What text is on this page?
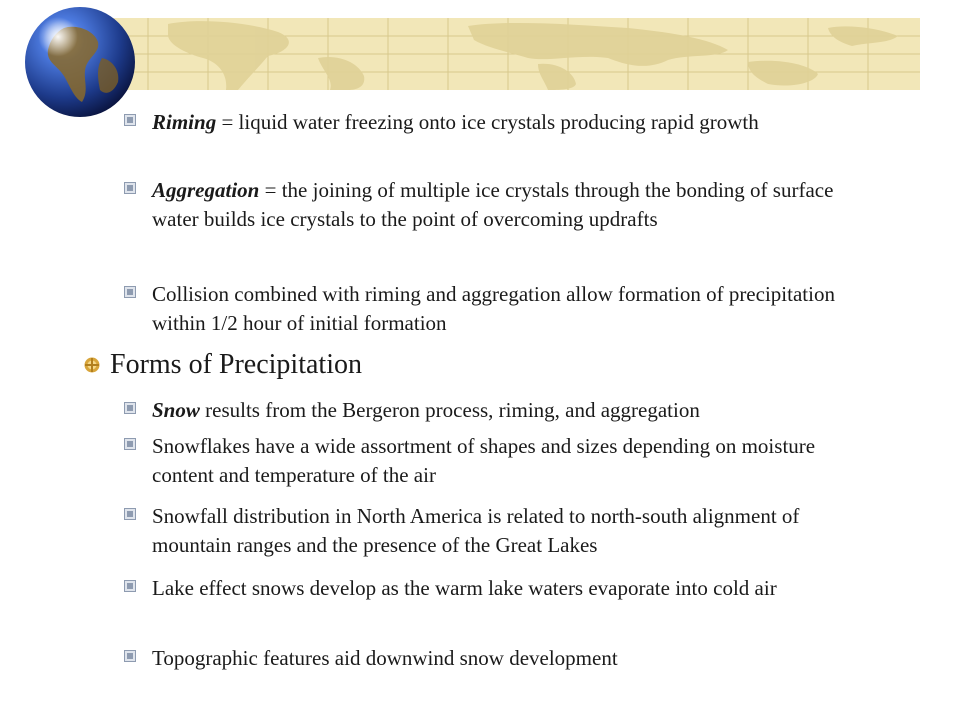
Riming = liquid water freezing onto ice crystals producing rapid growth
Aggregation = the joining of multiple ice crystals through the bonding of surface water builds ice crystals to the point of overcoming updrafts
Collision combined with riming and aggregation allow formation of precipitation within 1/2 hour of initial formation
Forms of Precipitation
Snow results from the Bergeron process, riming, and aggregation
Snowflakes have a wide assortment of shapes and sizes depending on moisture content and temperature of the air
Snowfall distribution in North America is related to north-south alignment of mountain ranges and the presence of the Great Lakes
Lake effect snows develop as the warm lake waters evaporate into cold air
Topographic features aid downwind snow development
